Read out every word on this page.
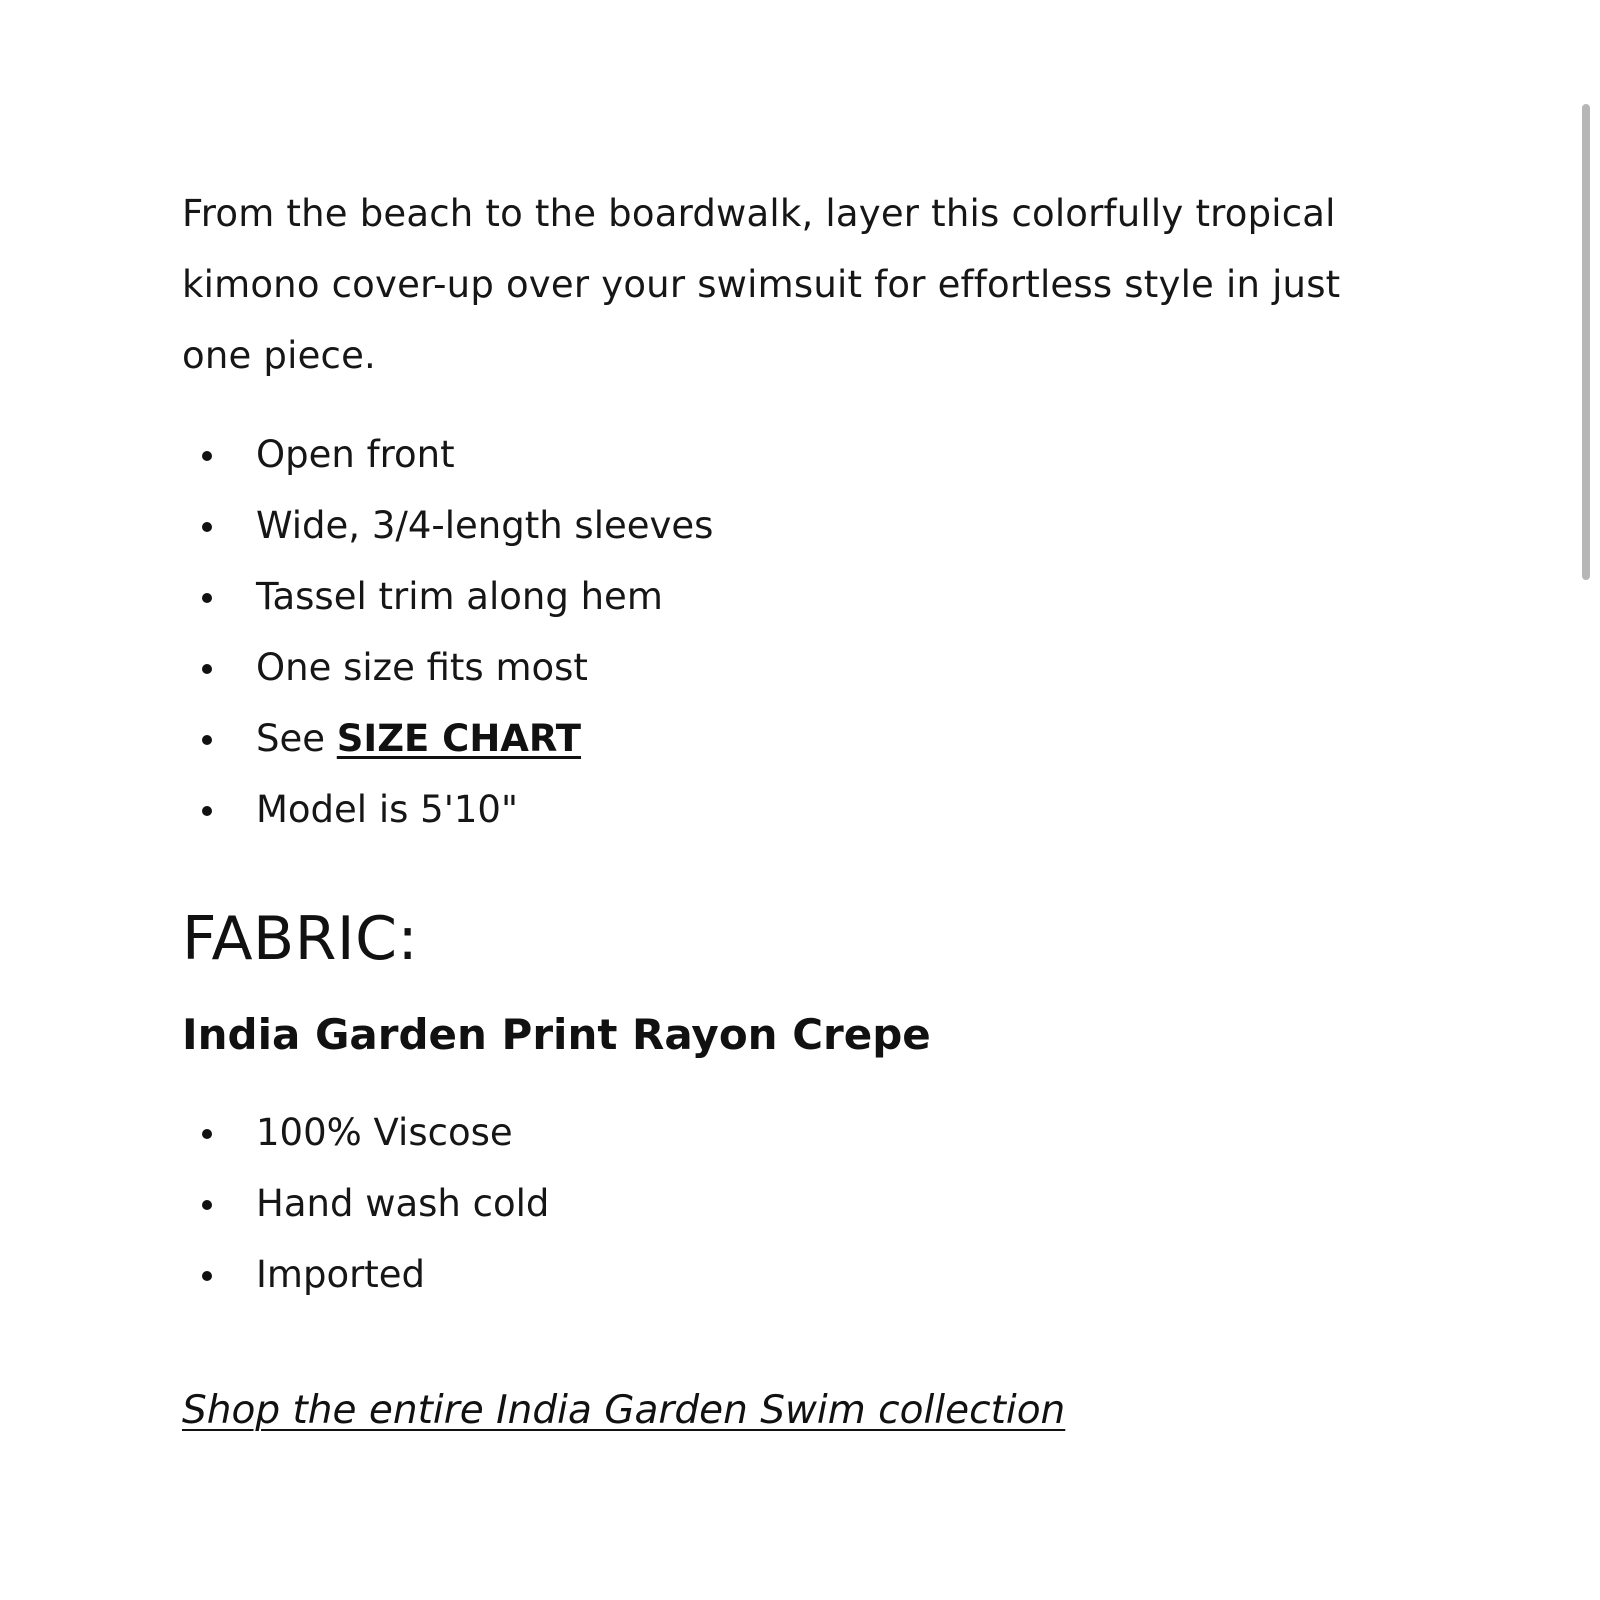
From the beach to the boardwalk, layer this colorfully tropical kimono cover-up over your swimsuit for effortless style in just one piece.

Open front
Wide, 3/4-length sleeves
Tassel trim along hem
One size fits most
See SIZE CHART
Model is 5'10"
FABRIC:
India Garden Print Rayon Crepe
100% Viscose
Hand wash cold
Imported
Shop the entire India Garden Swim collection
